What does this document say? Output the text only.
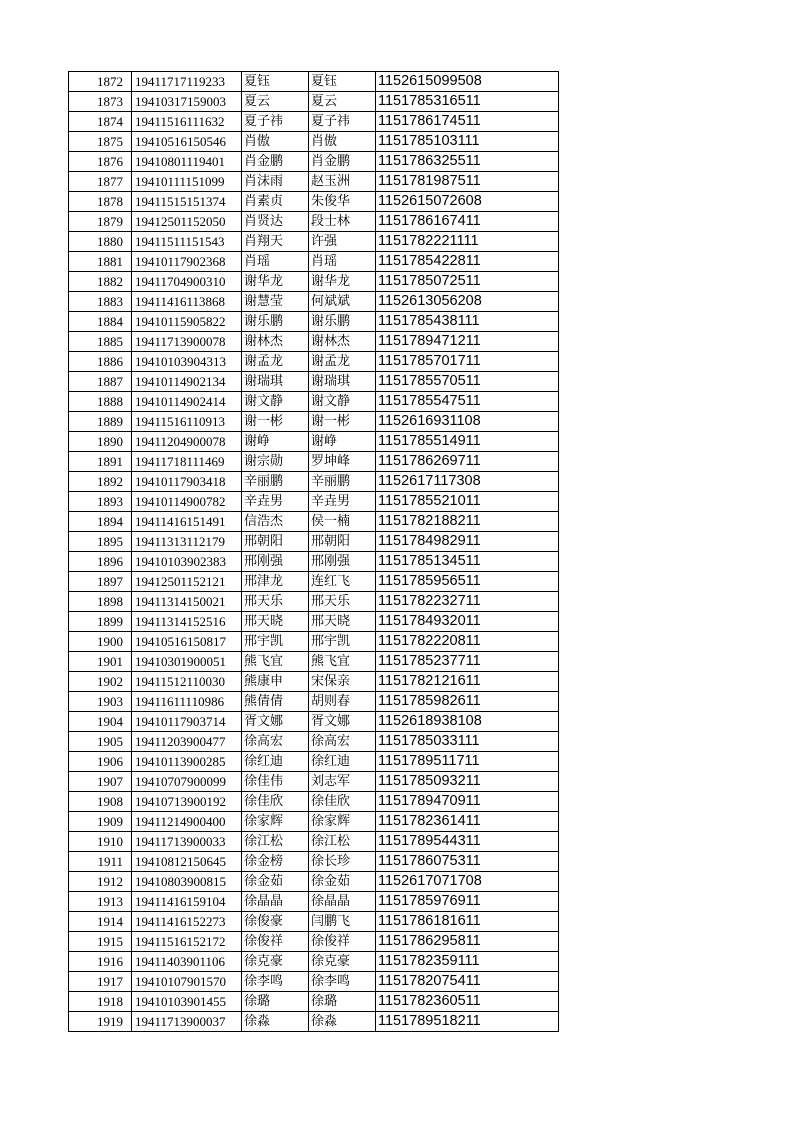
1872	19411717119233	夏钰	夏钰	1152615099508
1873	19410317159003	夏云	夏云	1151785316511
1874	19411516111632	夏子祎	夏子祎	1151786174511
1875	19410516150546	肖傲	肖傲	1151785103111
1876	19410801119401	肖金鹏	肖金鹏	1151786325511
1877	19410111151099	肖沫雨	赵玉洲	1151781987511
1878	19411515151374	肖素贞	朱俊华	1152615072608
1879	19412501152050	肖贤达	段士林	1151786167411
1880	19411511151543	肖翔天	许强	1151782221111
1881	19410117902368	肖瑶	肖瑶	1151785422811
1882	19411704900310	谢华龙	谢华龙	1151785072511
1883	19411416113868	谢慧莹	何斌斌	1152613056208
1884	19410115905822	谢乐鹏	谢乐鹏	1151785438111
1885	19411713900078	谢林杰	谢林杰	1151789471211
1886	19410103904313	谢孟龙	谢孟龙	1151785701711
1887	19410114902134	谢瑞琪	谢瑞琪	1151785570511
1888	19410114902414	谢文静	谢文静	1151785547511
1889	19411516110913	谢一彬	谢一彬	1152616931108
1890	19411204900078	谢峥	谢峥	1151785514911
1891	19411718111469	谢宗勋	罗坤峰	1151786269711
1892	19410117903418	辛丽鹏	辛丽鹏	1152617117308
1893	19410114900782	辛垚男	辛垚男	1151785521011
1894	19411416151491	信浩杰	侯一楠	1151782188211
1895	19411313112179	邢朝阳	邢朝阳	1151784982911
1896	19410103902383	邢刚强	邢刚强	1151785134511
1897	19412501152121	邢津龙	连红飞	1151785956511
1898	19411314150021	邢天乐	邢天乐	1151782232711
1899	19411314152516	邢天晓	邢天晓	1151784932011
1900	19410516150817	邢宇凯	邢宇凯	1151782220811
1901	19410301900051	熊飞宜	熊飞宜	1151785237711
1902	19411512110030	熊康申	宋保亲	1151782121611
1903	19411611110986	熊倩倩	胡则春	1151785982611
1904	19410117903714	胥文娜	胥文娜	1152618938108
1905	19411203900477	徐高宏	徐高宏	1151785033111
1906	19410113900285	徐红迪	徐红迪	1151789511711
1907	19410707900099	徐佳伟	刘志军	1151785093211
1908	19410713900192	徐佳欣	徐佳欣	1151789470911
1909	19411214900400	徐家辉	徐家辉	1151782361411
1910	19411713900033	徐江松	徐江松	1151789544311
1911	19410812150645	徐金榜	徐长珍	1151786075311
1912	19410803900815	徐金茹	徐金茹	1152617071708
1913	19411416159104	徐晶晶	徐晶晶	1151785976911
1914	19411416152273	徐俊豪	闫鹏飞	1151786181611
1915	19411516152172	徐俊祥	徐俊祥	1151786295811
1916	19411403901106	徐克豪	徐克豪	1151782359111
1917	19410107901570	徐李鸣	徐李鸣	1151782075411
1918	19410103901455	徐璐	徐璐	1151782360511
1919	19411713900037	徐淼	徐淼	1151789518211
